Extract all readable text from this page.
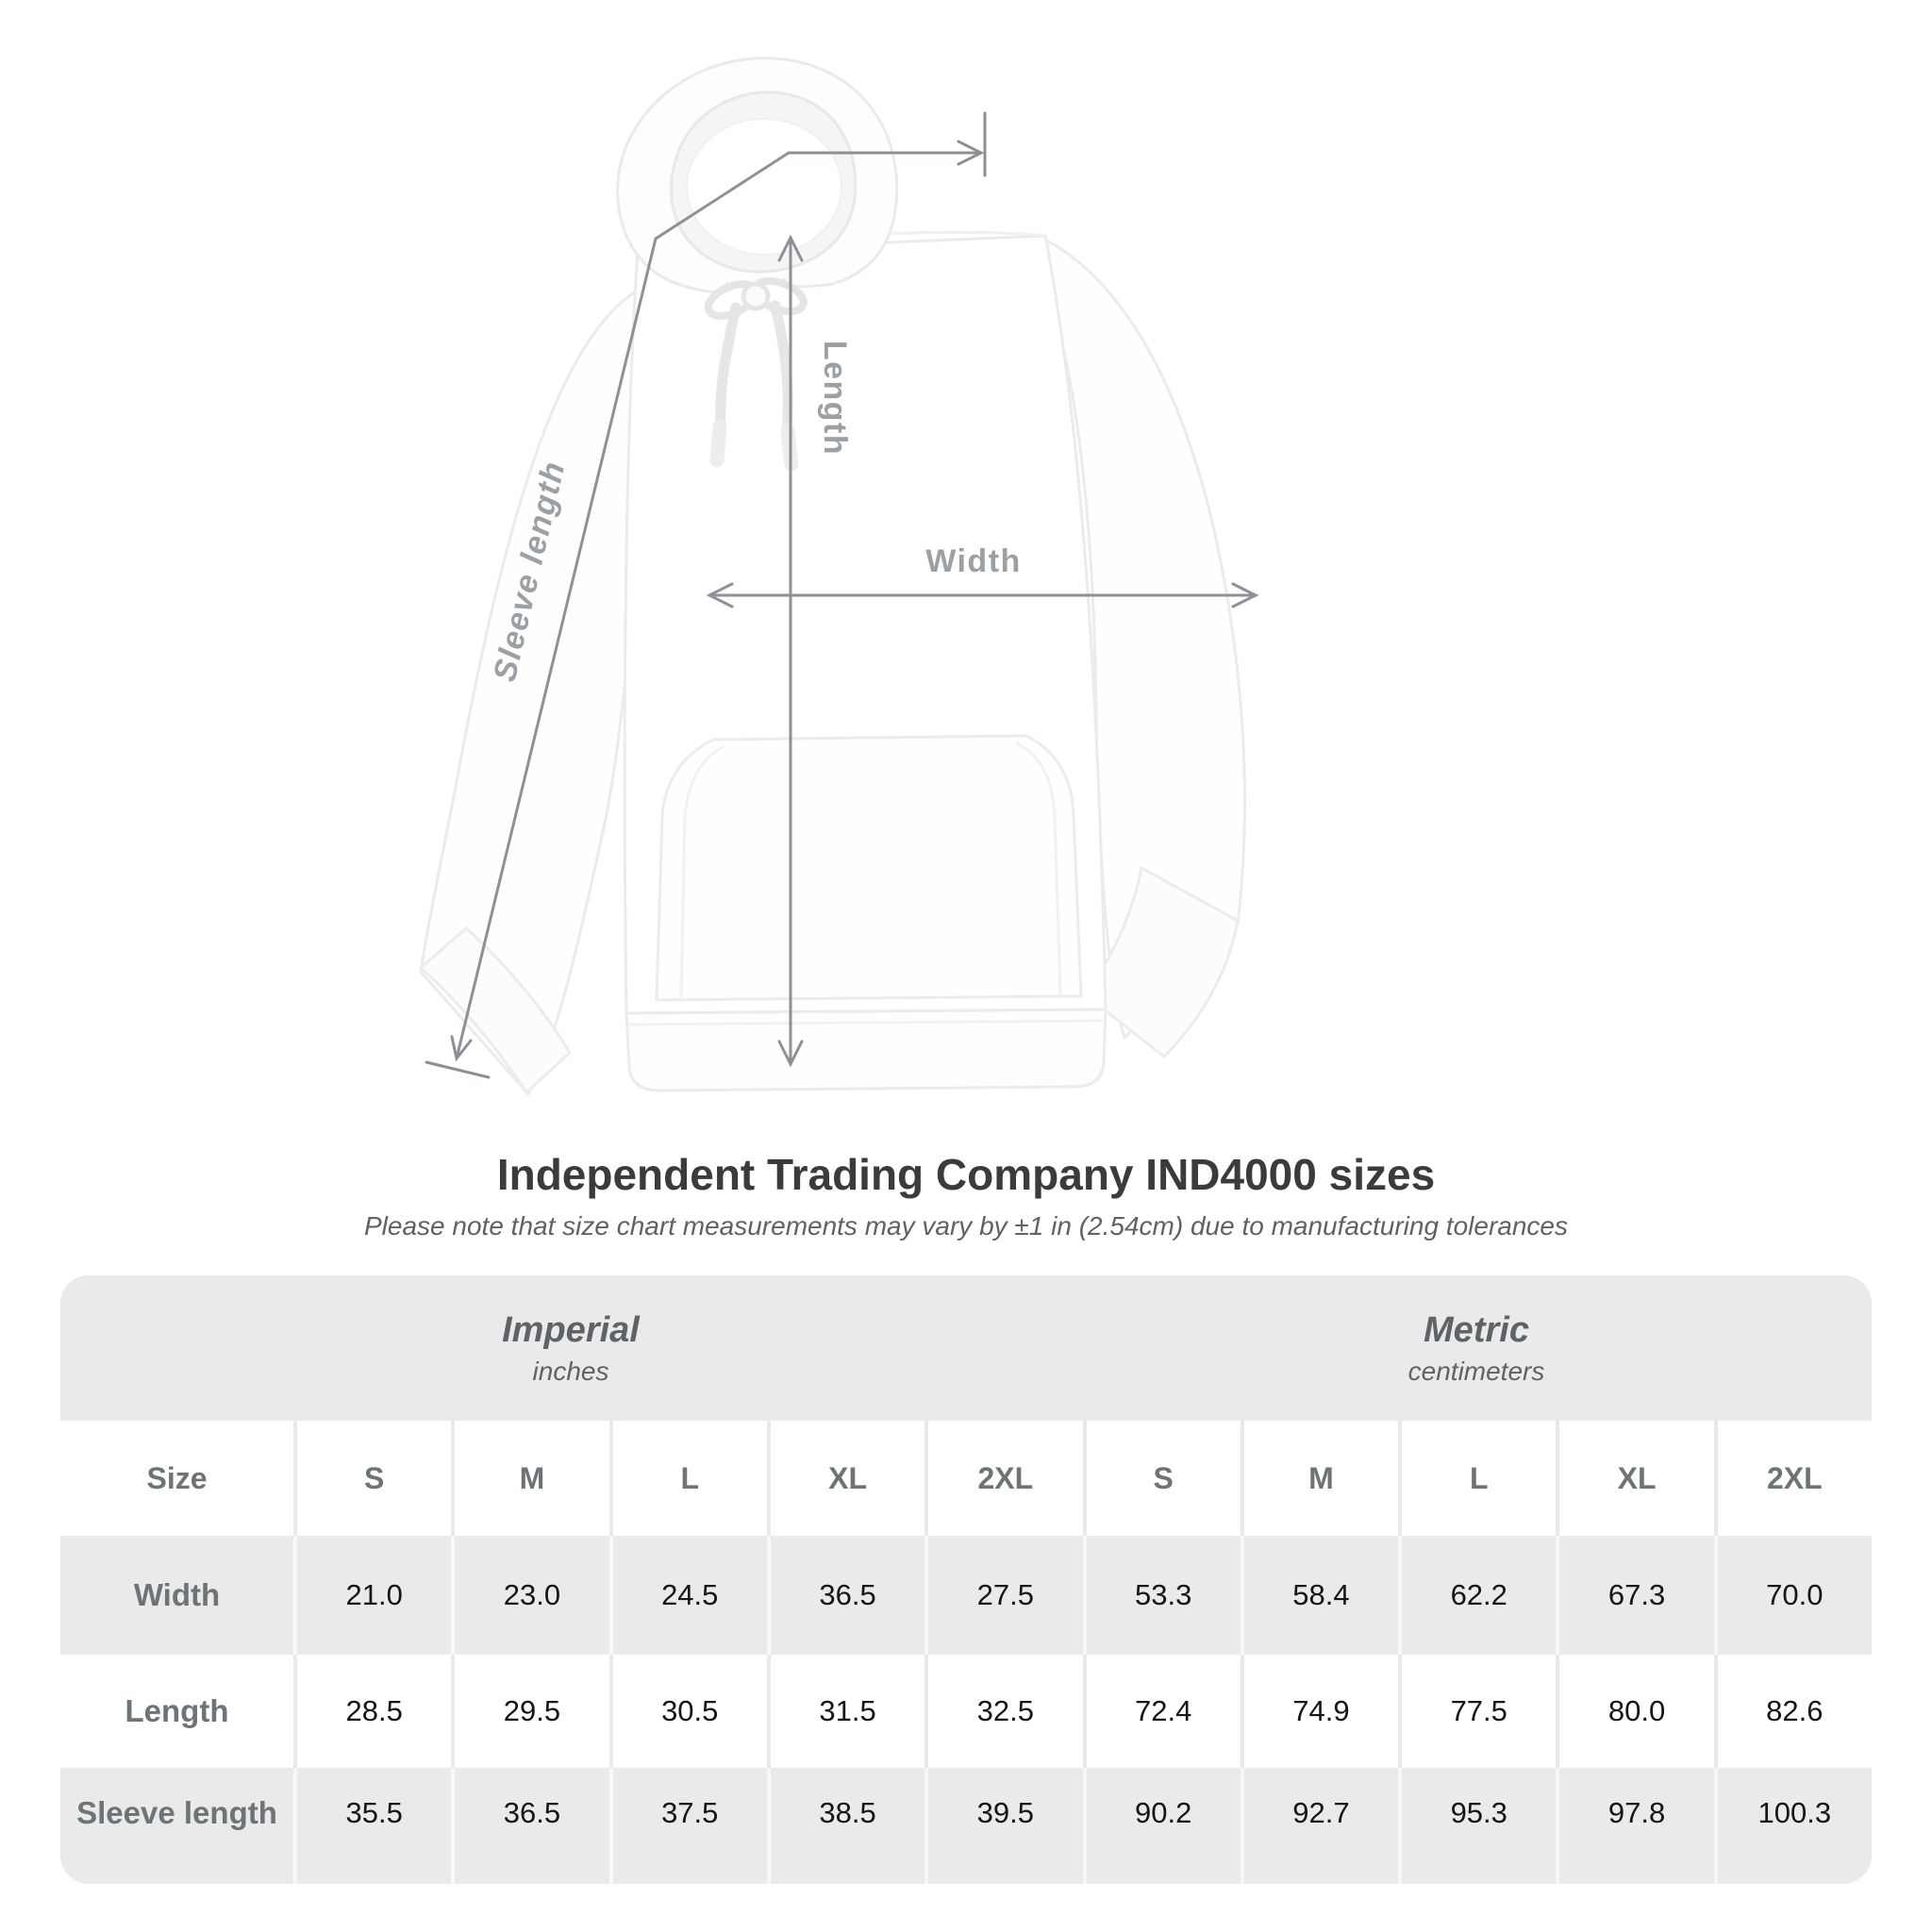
Length
Sleeve length	Width
Independent Trading Company IND4000 sizes
Please note that size chart measurements may vary by ±1 in (2.54cm) due to manufacturing tolerances
Imperial
inches
Metric
centimeters
Size	S	M	L	XL	2XL	S	M	L	XL	2XL
Width	21.0	23.0	24.5	36.5	27.5	53.3	58.4	62.2	67.3	70.0
Length	28.5	29.5	30.5	31.5	32.5	72.4	74.9	77.5	80.0	82.6
Sleeve length	35.5	36.5	37.5	38.5	39.5	90.2	92.7	95.3	97.8	100.3
